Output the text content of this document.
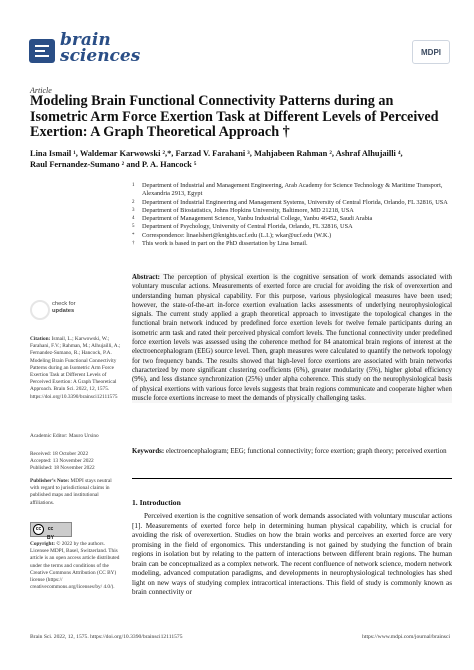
brain
sciences	MDPI
Article
Modeling Brain Functional Connectivity Patterns during an Isometric Arm Force Exertion Task at Different Levels of Perceived Exertion: A Graph Theoretical Approach †
Lina Ismail ¹, Waldemar Karwowski ²,*, Farzad V. Farahani ³, Mahjabeen Rahman ², Ashraf Alhujailli ⁴,
Raul Fernandez-Sumano ² and P. A. Hancock ⁵
1	Department of Industrial and Management Engineering, Arab Academy for Science Technology & Maritime Transport, Alexandria 2913, Egypt
2	Department of Industrial Engineering and Management Systems, University of Central Florida, Orlando, FL 32816, USA
3	Department of Biostatistics, Johns Hopkins University, Baltimore, MD 21218, USA
4	Department of Management Science, Yanbu Industrial College, Yanbu 46452, Saudi Arabia
5	Department of Psychology, University of Central Florida, Orlando, FL 32816, USA
*	Correspondence: linaelsheri@knights.ucf.edu (L.I.); wkar@ucf.edu (W.K.)
†	This work is based in part on the PhD dissertation by Lina Ismail.
check for
updates
Citation: Ismail, L.; Karwowski, W.; Farahani, F.V.; Rahman, M.; Alhujailli, A.; Fernandez-Sumano, R.; Hancock, P.A. Modeling Brain Functional Connectivity Patterns during an Isometric Arm Force Exertion Task at Different Levels of Perceived Exertion: A Graph Theoretical Approach. Brain Sci. 2022, 12, 1575. https://doi.org/10.3390/brainsci12111575
Academic Editor: Mauro Ursino
Received: 18 October 2022
Accepted: 13 November 2022
Published: 18 November 2022
Publisher’s Note: MDPI stays neutral with regard to jurisdictional claims in published maps and institutional affiliations.
cc	cc BY
Copyright: © 2022 by the authors. Licensee MDPI, Basel, Switzerland. This article is an open access article distributed under the terms and conditions of the Creative Commons Attribution (CC BY) license (https:// creativecommons.org/licenses/by/ 4.0/).
Abstract: The perception of physical exertion is the cognitive sensation of work demands associated with voluntary muscular actions. Measurements of exerted force are crucial for avoiding the risk of overexertion and understanding human physical capability. For this purpose, various physiological measures have been used; however, the state-of-the-art in-force exertion evaluation lacks assessments of underlying neurophysiological signals. The current study applied a graph theoretical approach to investigate the topological changes in the functional brain network induced by predefined force exertion levels for twelve female participants during an isometric arm task and rated their perceived physical comfort levels. The functional connectivity under predefined force exertion levels was assessed using the coherence method for 84 anatomical brain regions of interest at the electroencephalogram (EEG) source level. Then, graph measures were calculated to quantify the network topology for two frequency bands. The results showed that high-level force exertions are associated with brain networks characterized by more significant clustering coefficients (6%), greater modularity (5%), higher global efficiency (9%), and less distance synchronization (25%) under alpha coherence. This study on the neurophysiological basis of physical exertions with various force levels suggests that brain regions communicate and cooperate higher when muscle force exertions increase to meet the demands of physically challenging tasks.
Keywords: electroencephalogram; EEG; functional connectivity; force exertion; graph theory; perceived exertion
1. Introduction
Perceived exertion is the cognitive sensation of work demands associated with voluntary muscular actions [1]. Measurements of exerted force help in determining human physical capability, which is crucial for avoiding the risk of overexertion. Studies on how the brain works and perceives an exerted force are very promising in the field of ergonomics. This understanding is not gained by studying the function of brain regions in isolation but by relating to the pattern of interactions between different brain regions. The human brain can be conceptualized as a complex network. The recent confluence of network science, modern network modeling, advanced computation paradigms, and developments in neurophysiological technologies has shed light on new ways of studying complex intracortical interactions. This field of study is commonly known as brain connectivity or
Brain Sci. 2022, 12, 1575. https://doi.org/10.3390/brainsci12111575	https://www.mdpi.com/journal/brainsci
